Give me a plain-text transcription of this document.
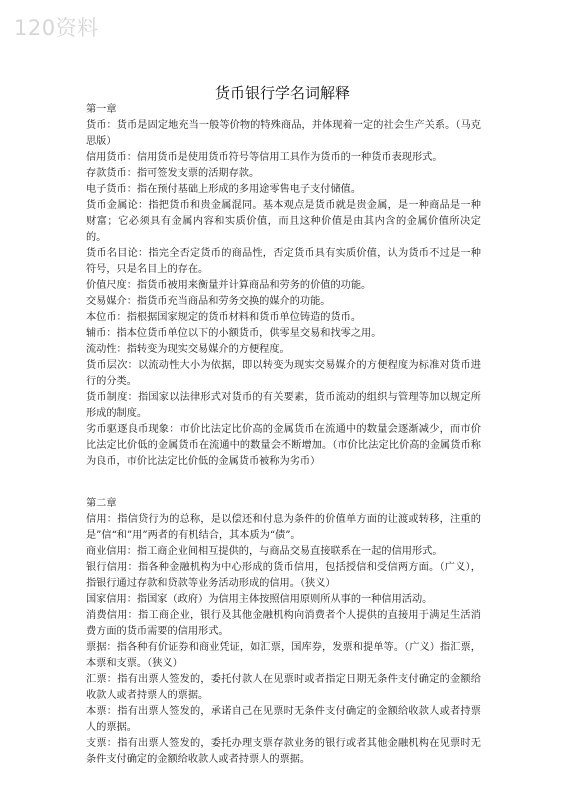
120资料
货币银行学名词解释

第一章

货币：货币是固定地充当一般等价物的特殊商品，并体现着一定的社会生产关系。（马克思版）

信用货币：信用货币是使用货币符号等信用工具作为货币的一种货币表现形式。

存款货币：指可签发支票的活期存款。

电子货币：指在预付基础上形成的多用途零售电子支付储值。

货币金属论：指把货币和贵金属混同。基本观点是货币就是贵金属，是一种商品是一种财富；它必须具有金属内容和实质价值，而且这种价值是由其内含的金属价值所决定的。

货币名目论：指完全否定货币的商品性，否定货币具有实质价值，认为货币不过是一种符号，只是名目上的存在。

价值尺度：指货币被用来衡量并计算商品和劳务的价值的功能。

交易媒介：指货币充当商品和劳务交换的媒介的功能。

本位币：指根据国家规定的货币材料和货币单位铸造的货币。

辅币：指本位货币单位以下的小额货币，供零星交易和找零之用。

流动性：指转变为现实交易媒介的方便程度。

货币层次：以流动性大小为依据，即以转变为现实交易媒介的方便程度为标准对货币进行的分类。

货币制度：指国家以法律形式对货币的有关要素，货币流动的组织与管理等加以规定所形成的制度。

劣币驱逐良币现象：市价比法定比价高的金属货币在流通中的数量会逐渐减少，而市价比法定比价低的金属货币在流通中的数量会不断增加。（市价比法定比价高的金属货币称为良币，市价比法定比价低的金属货币被称为劣币）

第二章

信用：指信贷行为的总称，是以偿还和付息为条件的价值单方面的让渡或转移，注重的是”信“和”用”两者的有机结合，其本质为“债”。

商业信用：指工商企业间相互提供的，与商品交易直接联系在一起的信用形式。

银行信用：指各种金融机构为中心形成的货币信用，包括授信和受信两方面。（广义），指银行通过存款和贷款等业务活动形成的信用。（狭义）

国家信用：指国家（政府）为信用主体按照信用原则所从事的一种信用活动。

消费信用：指工商企业，银行及其他金融机构向消费者个人提供的直接用于满足生活消费方面的货币需要的信用形式。

票据：指各种有价证券和商业凭证，如汇票，国库券，发票和提单等。（广义）指汇票，本票和支票。（狭义）

汇票：指有出票人签发的，委托付款人在见票时或者指定日期无条件支付确定的金额给收款人或者持票人的票据。

本票：指有出票人签发的，承诺自己在见票时无条件支付确定的金额给收款人或者持票人的票据。

支票：指有出票人签发的，委托办理支票存款业务的银行或者其他金融机构在见票时无条件支付确定的金额给收款人或者持票人的票据。
